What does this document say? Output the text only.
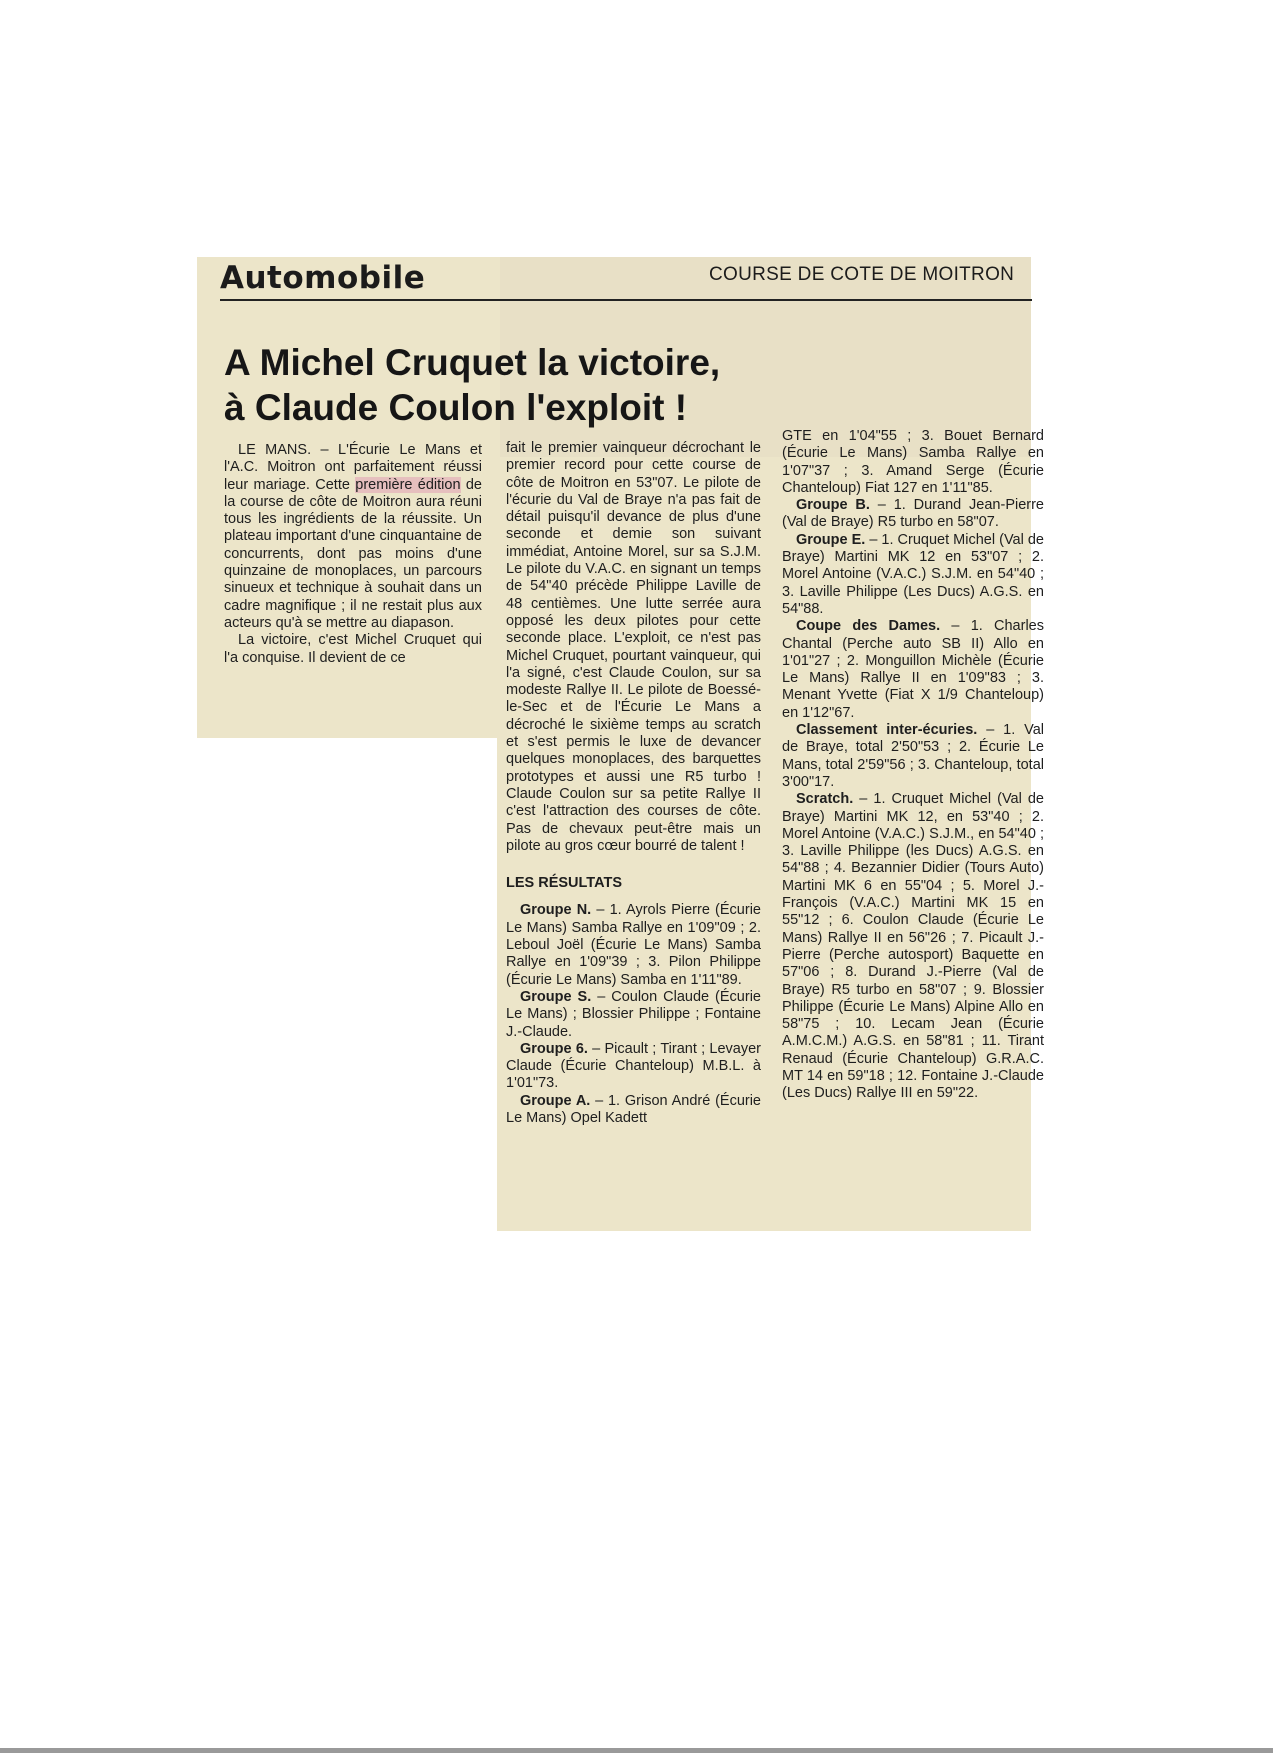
Automobile	COURSE DE COTE DE MOITRON
A Michel Cruquet la victoire,
à Claude Coulon l'exploit !

LE MANS. – L'Écurie Le Mans et l'A.C. Moitron ont parfaitement réussi leur mariage. Cette première édition de la course de côte de Moitron aura réuni tous les ingrédients de la réussite. Un plateau important d'une cinquantaine de concurrents, dont pas moins d'une quinzaine de monoplaces, un parcours sinueux et technique à souhait dans un cadre magnifique ; il ne restait plus aux acteurs qu'à se mettre au diapason.

La victoire, c'est Michel Cruquet qui l'a conquise. Il devient de ce

fait le premier vainqueur décrochant le premier record pour cette course de côte de Moitron en 53"07. Le pilote de l'écurie du Val de Braye n'a pas fait de détail puisqu'il devance de plus d'une seconde et demie son suivant immédiat, Antoine Morel, sur sa S.J.M. Le pilote du V.A.C. en signant un temps de 54"40 précède Philippe Laville de 48 centièmes. Une lutte serrée aura opposé les deux pilotes pour cette seconde place. L'exploit, ce n'est pas Michel Cruquet, pourtant vainqueur, qui l'a signé, c'est Claude Coulon, sur sa modeste Rallye II. Le pilote de Boessé-le-Sec et de l'Écurie Le Mans a décroché le sixième temps au scratch et s'est permis le luxe de devancer quelques monoplaces, des barquettes prototypes et aussi une R5 turbo ! Claude Coulon sur sa petite Rallye II c'est l'attraction des courses de côte. Pas de chevaux peut-être mais un pilote au gros cœur bourré de talent !

LES RÉSULTATS

Groupe N. – 1. Ayrols Pierre (Écurie Le Mans) Samba Rallye en 1'09"09 ; 2. Leboul Joël (Écurie Le Mans) Samba Rallye en 1'09"39 ; 3. Pilon Philippe (Écurie Le Mans) Samba en 1'11"89.

Groupe S. – Coulon Claude (Écurie Le Mans) ; Blossier Philippe ; Fontaine J.-Claude.

Groupe 6. – Picault ; Tirant ; Levayer Claude (Écurie Chanteloup) M.B.L. à 1'01"73.

Groupe A. – 1. Grison André (Écurie Le Mans) Opel Kadett

GTE en 1'04"55 ; 3. Bouet Bernard (Écurie Le Mans) Samba Rallye en 1'07"37 ; 3. Amand Serge (Écurie Chanteloup) Fiat 127 en 1'11"85.

Groupe B. – 1. Durand Jean-Pierre (Val de Braye) R5 turbo en 58"07.

Groupe E. – 1. Cruquet Michel (Val de Braye) Martini MK 12 en 53"07 ; 2. Morel Antoine (V.A.C.) S.J.M. en 54"40 ; 3. Laville Philippe (Les Ducs) A.G.S. en 54"88.

Coupe des Dames. – 1. Charles Chantal (Perche auto SB II) Allo en 1'01"27 ; 2. Monguillon Michèle (Écurie Le Mans) Rallye II en 1'09"83 ; 3. Menant Yvette (Fiat X 1/9 Chanteloup) en 1'12"67.

Classement inter-écuries. – 1. Val de Braye, total 2'50"53 ; 2. Écurie Le Mans, total 2'59"56 ; 3. Chanteloup, total 3'00"17.

Scratch. – 1. Cruquet Michel (Val de Braye) Martini MK 12, en 53"40 ; 2. Morel Antoine (V.A.C.) S.J.M., en 54"40 ; 3. Laville Philippe (les Ducs) A.G.S. en 54"88 ; 4. Bezannier Didier (Tours Auto) Martini MK 6 en 55"04 ; 5. Morel J.-François (V.A.C.) Martini MK 15 en 55"12 ; 6. Coulon Claude (Écurie Le Mans) Rallye II en 56"26 ; 7. Picault J.-Pierre (Perche autosport) Baquette en 57"06 ; 8. Durand J.-Pierre (Val de Braye) R5 turbo en 58"07 ; 9. Blossier Philippe (Écurie Le Mans) Alpine Allo en 58"75 ; 10. Lecam Jean (Écurie A.M.C.M.) A.G.S. en 58"81 ; 11. Tirant Renaud (Écurie Chanteloup) G.R.A.C. MT 14 en 59"18 ; 12. Fontaine J.-Claude (Les Ducs) Rallye III en 59"22.
